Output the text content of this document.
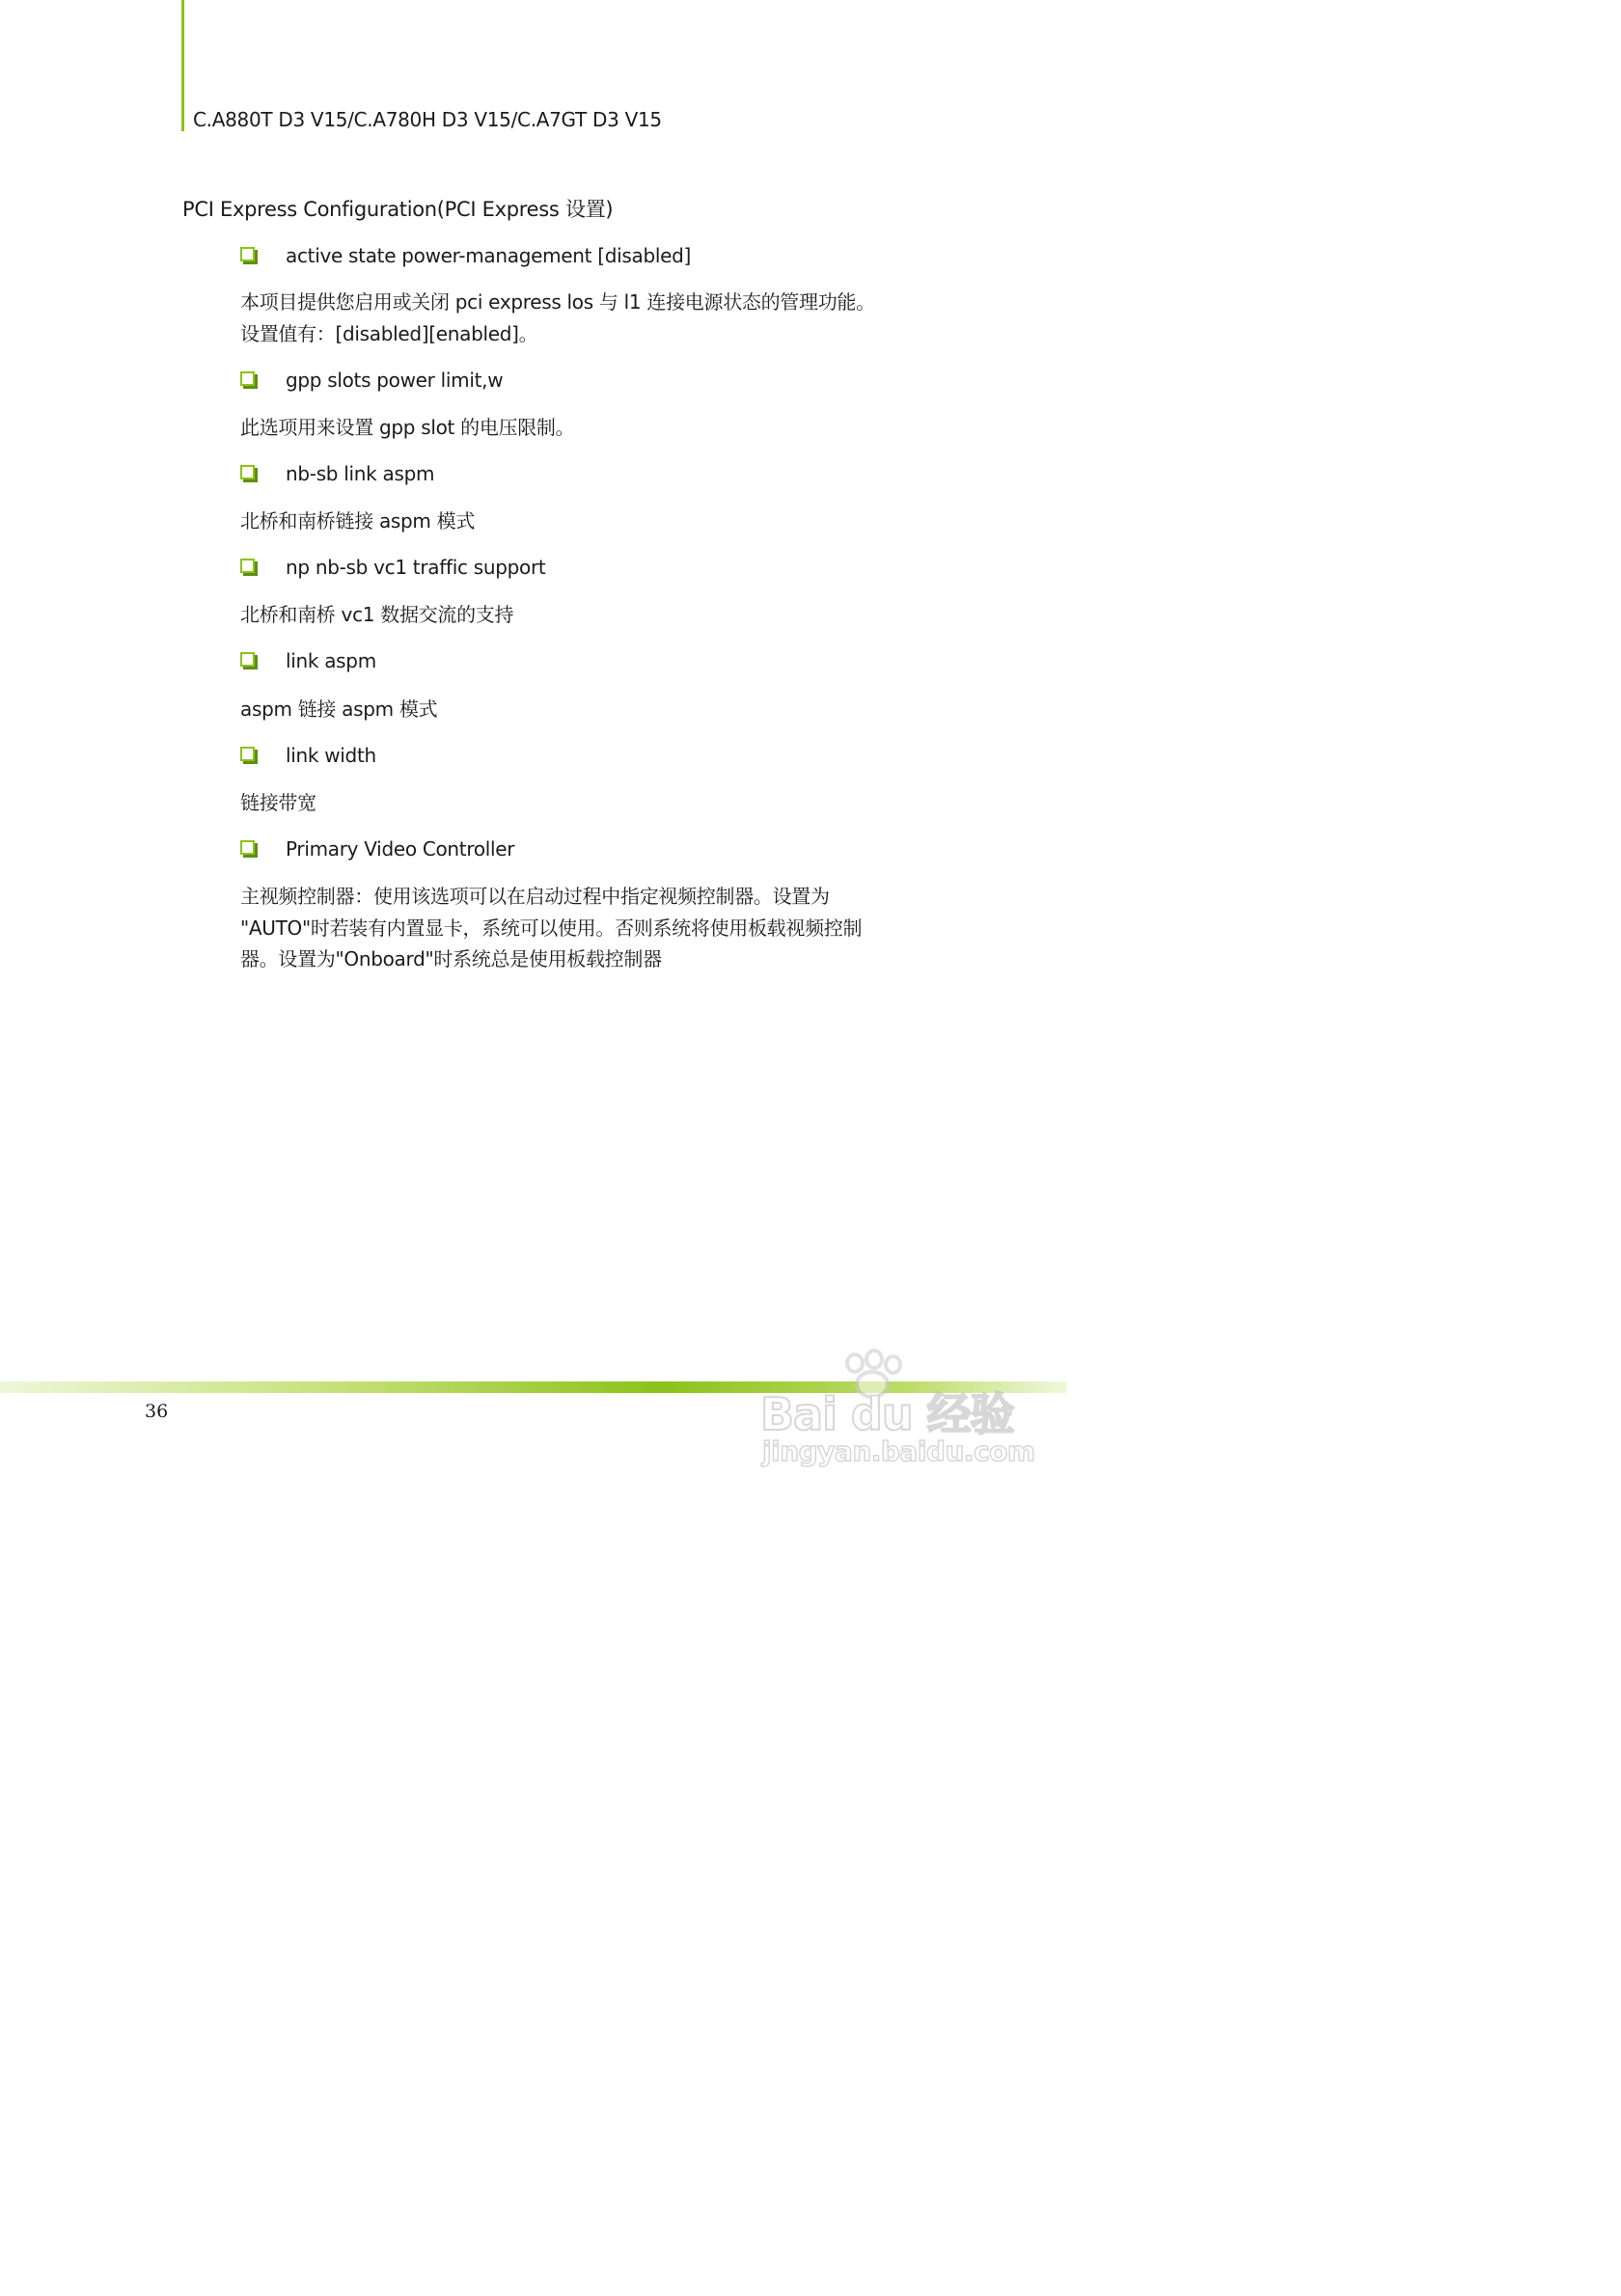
C.A880T D3 V15/C.A780H D3 V15/C.A7GT D3 V15
PCI Express Configuration(PCI Express 设置)
active state power-management [disabled]
本项目提供您启用或关闭 pci express los 与 l1 连接电源状态的管理功能。
设置值有：[disabled][enabled]。
gpp slots power limit,w
此选项用来设置 gpp slot 的电压限制。
nb-sb link aspm
北桥和南桥链接 aspm 模式
np nb-sb vc1 traffic support
北桥和南桥 vc1 数据交流的支持
link aspm
aspm 链接 aspm 模式
link width
链接带宽
Primary Video Controller
主视频控制器：使用该选项可以在启动过程中指定视频控制器。设置为
"AUTO"时若装有内置显卡，系统可以使用。否则系统将使用板载视频控制
器。设置为"Onboard"时系统总是使用板载控制器
36	Bai du 经验
jingyan.baidu.com
